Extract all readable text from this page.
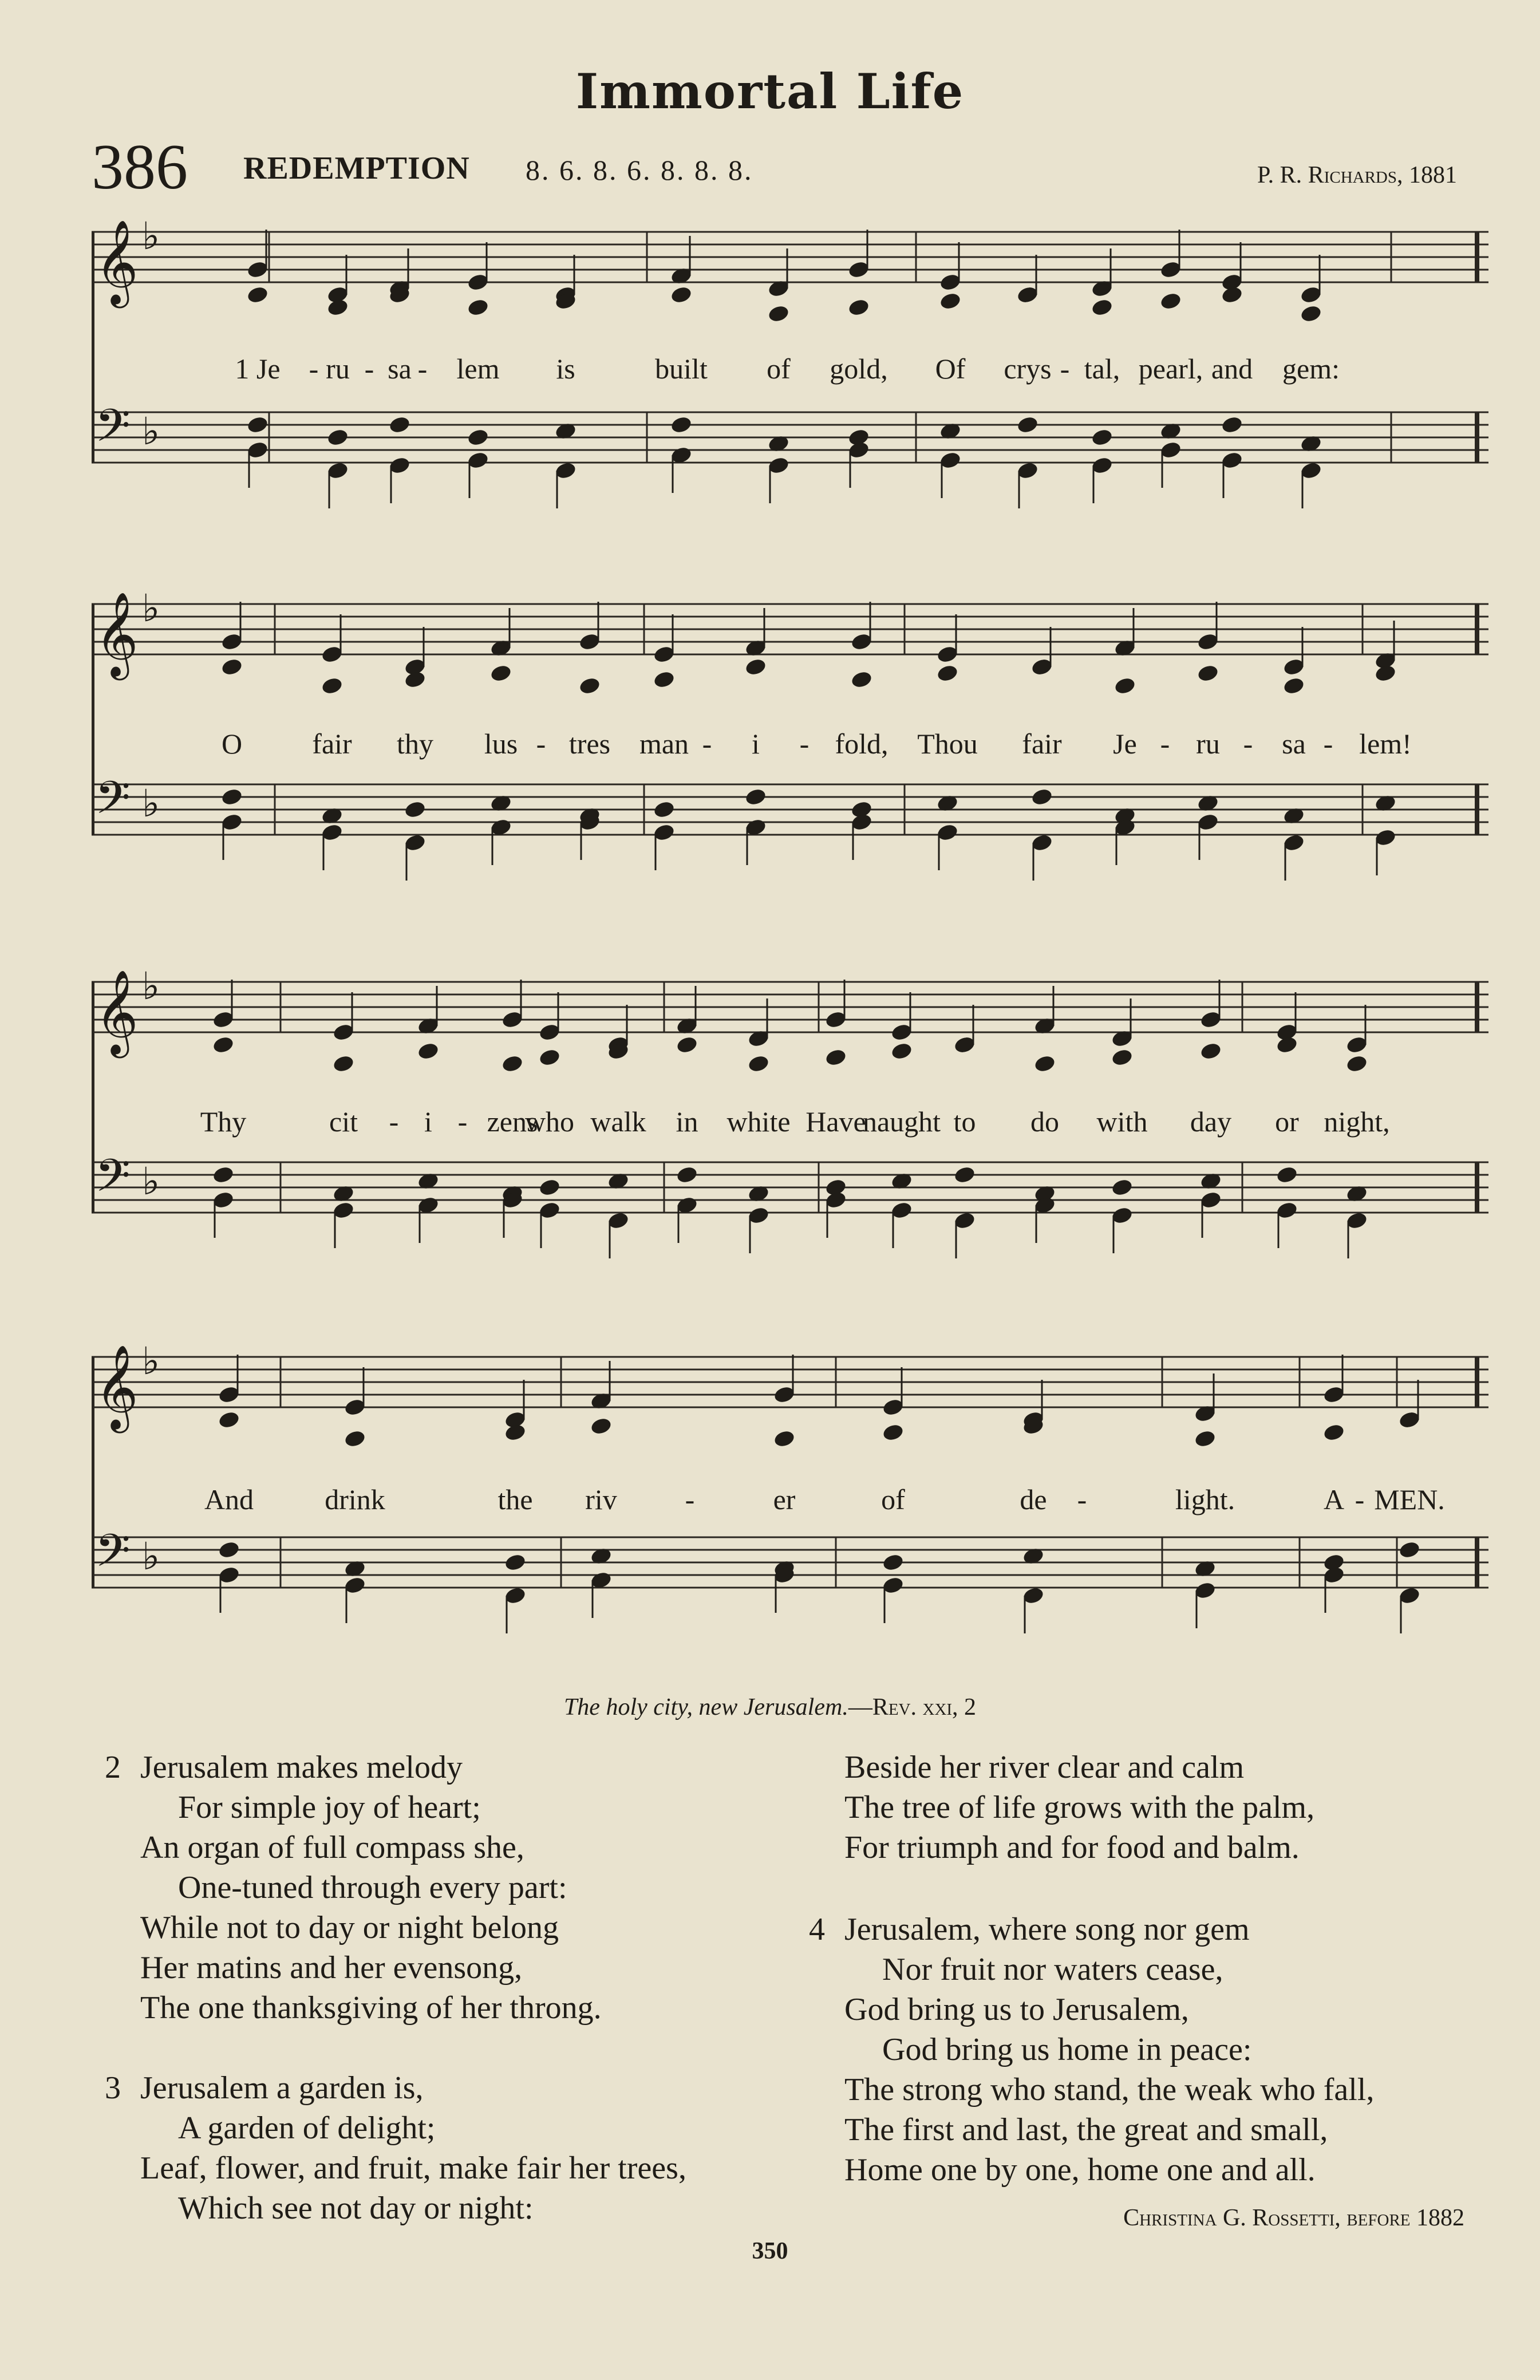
Immortal Life
386 REDEMPTION 8. 6. 8. 6. 8. 8. 8.	P. R. Richards, 1881
𝄞 ♭
𝄢 ♭
1 Je - ru - sa - lem is	built of gold, Of crys - tal, pearl, and gem:
𝄞 ♭
𝄢 ♭
O fair thy lus - tres man - i - fold, Thou fair Je - ru - sa - lem!
𝄞 ♭
𝄢 ♭
Thy	cit - i - zens
who walk in white Have
naught to do with day or night,
𝄞 ♭
𝄢 ♭
And drink	the riv -	er	of	de -	light.	A - MEN.
The holy city, new Jerusalem.—Rev. xxi, 2
2 Jerusalem makes melody
For simple joy of heart;
An organ of full compass she,
One-tuned through every part:
While not to day or night belong
Her matins and her evensong,
The one thanksgiving of her throng.
3 Jerusalem a garden is,
A garden of delight;
Leaf, flower, and fruit, make fair her trees,
Which see not day or night:
Beside her river clear and calm
The tree of life grows with the palm,
For triumph and for food and balm.
4 Jerusalem, where song nor gem
Nor fruit nor waters cease,
God bring us to Jerusalem,
God bring us home in peace:
The strong who stand, the weak who fall,
The first and last, the great and small,
Home one by one, home one and all.
Christina G. Rossetti, before 1882
350
